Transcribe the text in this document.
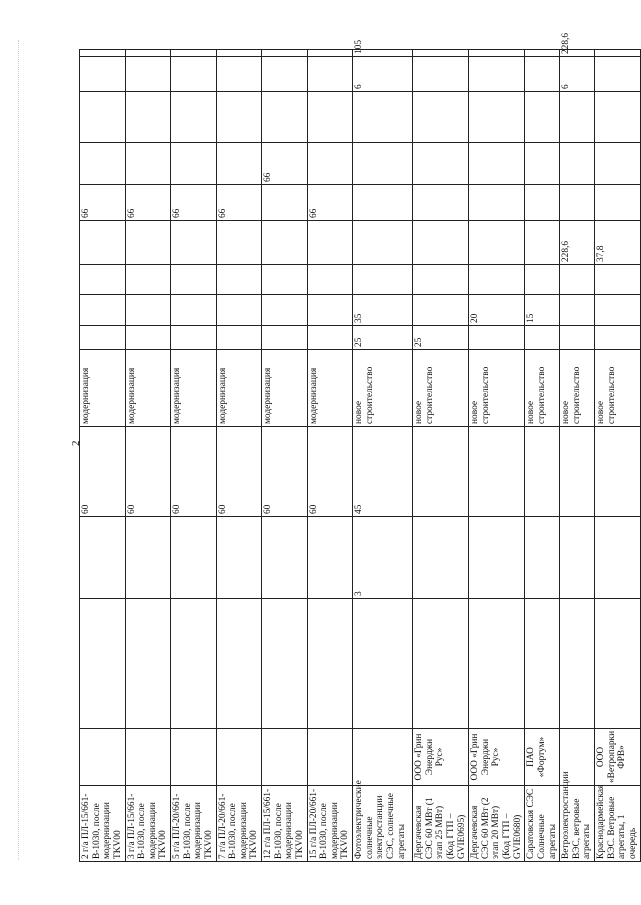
2
2 г/а ПЛ-15/661-В-1030, после модернизации TKV00				60	модернизация					66				
3 г/а ПЛ-15/661-В-1030, после модернизации TKV00				60	модернизация					66				
5 г/а ПЛ-20/661-В-1030, после модернизации TKV00				60	модернизация					66				
7 г/а ПЛ-20/661-В-1030, после модернизации TKV00				60	модернизация					66				
12 г/а ПЛ-15/661-В-1030, после модернизации TKV00				60	модернизация						66			
15 г/а ПЛ-20/661-В-1030, после модернизации TKV00				60	модернизация					66				
Фотоэлектрические солнечные электростанции СЭС, солнечные агрегаты			3	45	новое строительство	25	35						6	105
Дергачевская СЭС 60 МВт (1 этап 25 МВт) (Код ГТП – GVIE0695)	ООО «Грин Энерджи Рус»				новое строительство	25								
Дергачевская СЭС 60 МВт (2 этап 20 МВт) (Код ГТП – GVIE0680)	ООО «Грин Энерджи Рус»				новое строительство		20							
Саратовская СЭС Солнечные агрегаты	ПАО «Фортум»				новое строительство		15							
Ветроэлектростанции ВЭС, ветровые агрегаты					новое строительство				228,6				6	228,6
Краснодармейская ВЭС. Ветровые агрегаты, 1 очередь	ООО «Ветропарки ФРВ»				новое строительство				37,8					
